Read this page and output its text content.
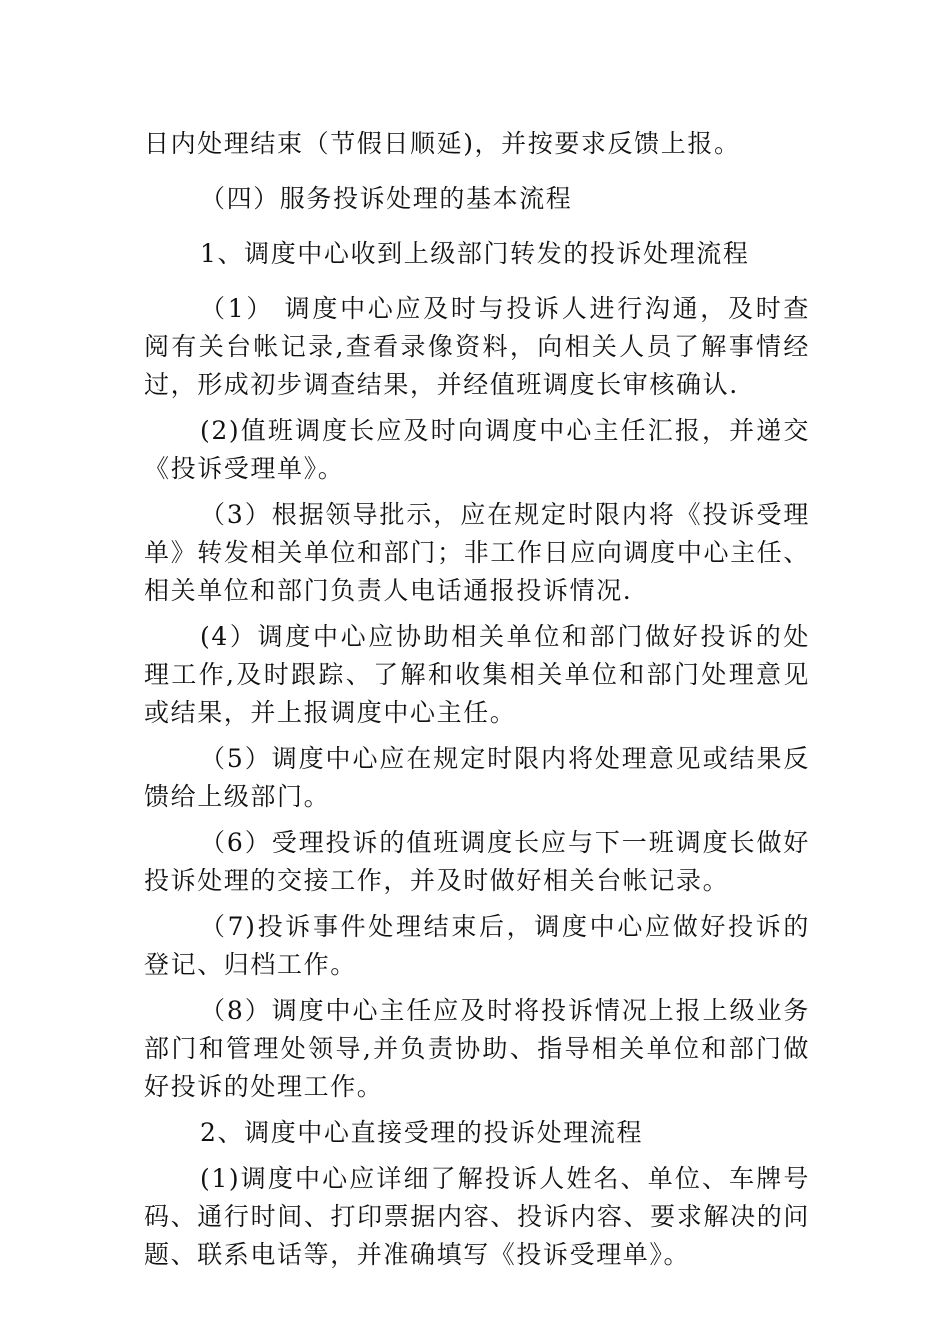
日内处理结束（节假日顺延)，并按要求反馈上报。

（四）服务投诉处理的基本流程

1、调度中心收到上级部门转发的投诉处理流程

（1） 调度中心应及时与投诉人进行沟通，及时查阅有关台帐记录,查看录像资料，向相关人员了解事情经过，形成初步调查结果，并经值班调度长审核确认.

(2)值班调度长应及时向调度中心主任汇报，并递交《投诉受理单》。

（3）根据领导批示，应在规定时限内将《投诉受理单》转发相关单位和部门；非工作日应向调度中心主任、相关单位和部门负责人电话通报投诉情况.

(4）调度中心应协助相关单位和部门做好投诉的处理工作,及时跟踪、了解和收集相关单位和部门处理意见或结果，并上报调度中心主任。

（5）调度中心应在规定时限内将处理意见或结果反馈给上级部门。

（6）受理投诉的值班调度长应与下一班调度长做好投诉处理的交接工作，并及时做好相关台帐记录。

（7)投诉事件处理结束后，调度中心应做好投诉的登记、归档工作。

（8）调度中心主任应及时将投诉情况上报上级业务部门和管理处领导,并负责协助、指导相关单位和部门做好投诉的处理工作。

2、调度中心直接受理的投诉处理流程

(1)调度中心应详细了解投诉人姓名、单位、车牌号码、通行时间、打印票据内容、投诉内容、要求解决的问题、联系电话等，并准确填写《投诉受理单》。
